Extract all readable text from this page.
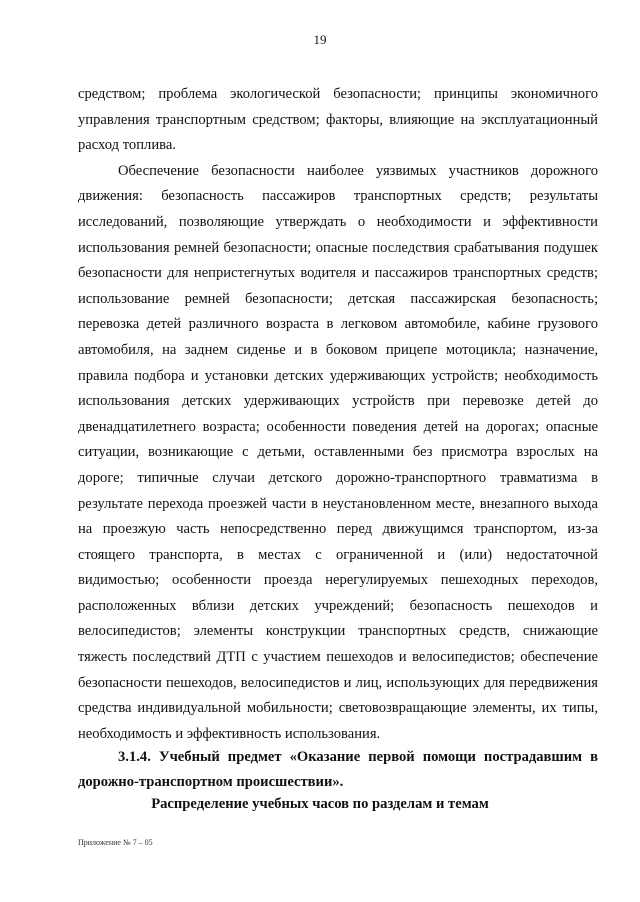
19

средством; проблема экологической безопасности; принципы экономичного управления транспортным средством; факторы, влияющие на эксплуатационный расход топлива.

Обеспечение безопасности наиболее уязвимых участников дорожного движения: безопасность пассажиров транспортных средств; результаты исследований, позволяющие утверждать о необходимости и эффективности использования ремней безопасности; опасные последствия срабатывания подушек безопасности для непристегнутых водителя и пассажиров транспортных средств; использование ремней безопасности; детская пассажирская безопасность; перевозка детей различного возраста в легковом автомобиле, кабине грузового автомобиля, на заднем сиденье и в боковом прицепе мотоцикла; назначение, правила подбора и установки детских удерживающих устройств; необходимость использования детских удерживающих устройств при перевозке детей до двенадцатилетнего возраста; особенности поведения детей на дорогах; опасные ситуации, возникающие с детьми, оставленными без присмотра взрослых на дороге; типичные случаи детского дорожно-транспортного травматизма в результате перехода проезжей части в неустановленном месте, внезапного выхода на проезжую часть непосредственно перед движущимся транспортом, из-за стоящего транспорта, в местах с ограниченной и (или) недостаточной видимостью; особенности проезда нерегулируемых пешеходных переходов, расположенных вблизи детских учреждений; безопасность пешеходов и велосипедистов; элементы конструкции транспортных средств, снижающие тяжесть последствий ДТП с участием пешеходов и велосипедистов; обеспечение безопасности пешеходов, велосипедистов и лиц, использующих для передвижения средства индивидуальной мобильности; световозвращающие элементы, их типы, необходимость и эффективность использования.

3.1.4. Учебный предмет «Оказание первой помощи пострадавшим в дорожно-транспортном происшествии».
Распределение учебных часов по разделам и темам
Приложение № 7 – 05
